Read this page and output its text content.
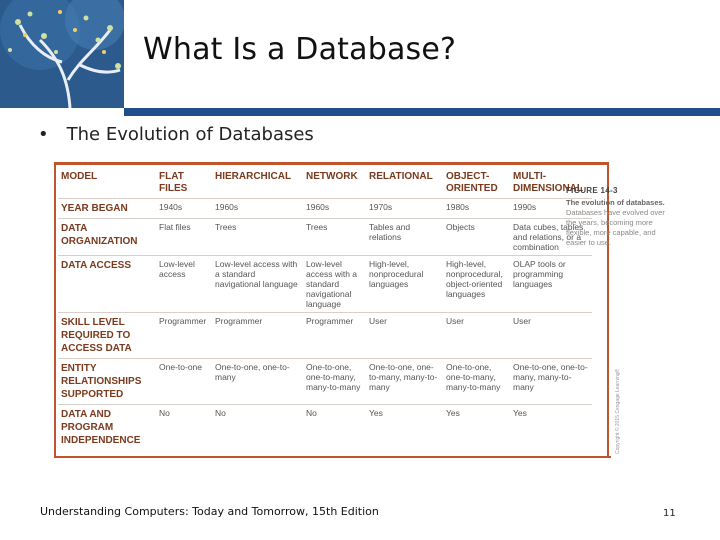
What Is a Database?
• The Evolution of Databases
MODEL	FLAT FILES	HIERARCHICAL	NETWORK	RELATIONAL	OBJECT-ORIENTED	MULTI-DIMENSIONAL
YEAR BEGAN	1940s	1960s	1960s	1970s	1980s	1990s
DATA ORGANIZATION	Flat files	Trees	Trees	Tables and relations	Objects	Data cubes, tables and relations, or a combination
DATA ACCESS	Low-level access	Low-level access with a standard navigational language	Low-level access with a standard navigational language	High-level, nonprocedural languages	High-level, nonprocedural, object-oriented languages	OLAP tools or programming languages
SKILL LEVEL REQUIRED TO ACCESS DATA	Programmer	Programmer	Programmer	User	User	User
ENTITY RELATIONSHIPS SUPPORTED	One-to-one	One-to-one, one-to-many	One-to-one, one-to-many, many-to-many	One-to-one, one-to-many, many-to-many	One-to-one, one-to-many, many-to-many	One-to-one, one-to-many, many-to-many
DATA AND PROGRAM INDEPENDENCE	No	No	No	Yes	Yes	Yes
FIGURE 14-3
The evolution of databases. Databases have evolved over the years, becoming more flexible, more capable, and easier to use.
Copyright © 2015 Cengage Learning®
Understanding Computers: Today and Tomorrow, 15th Edition	11
